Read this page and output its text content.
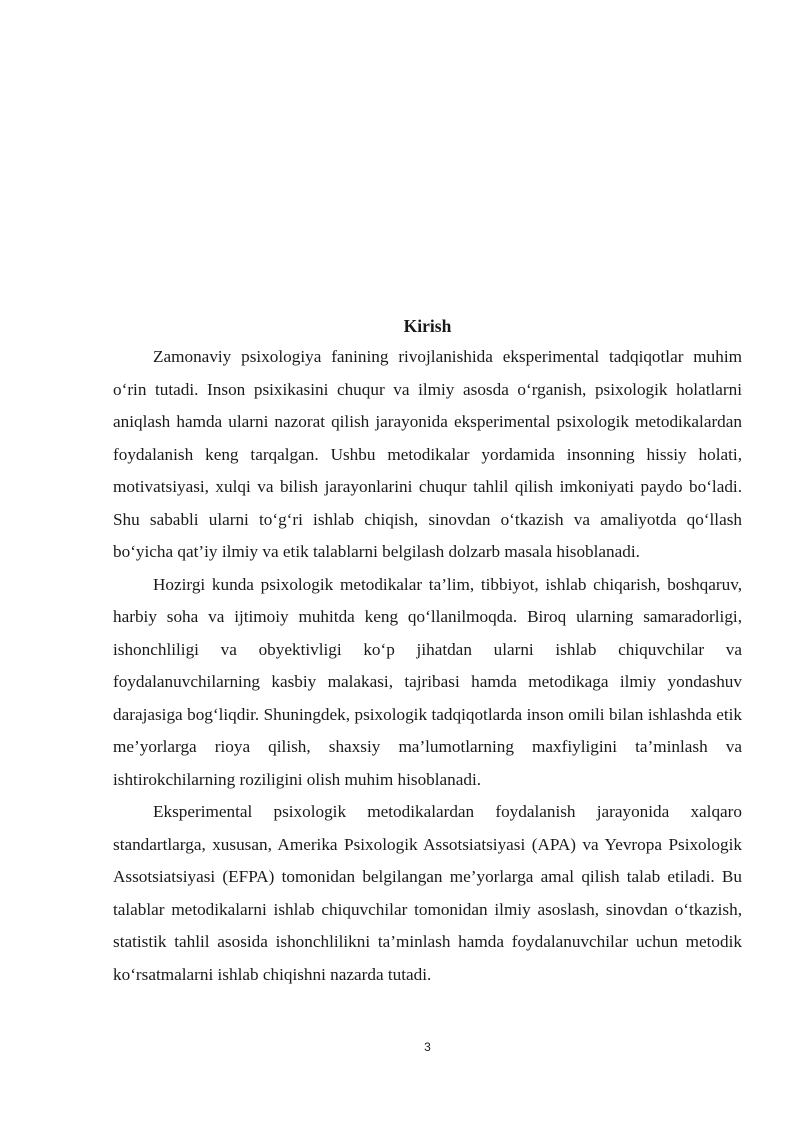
Kirish

Zamonaviy psixologiya fanining rivojlanishida eksperimental tadqiqotlar muhim o‘rin tutadi. Inson psixikasini chuqur va ilmiy asosda o‘rganish, psixologik holatlarni aniqlash hamda ularni nazorat qilish jarayonida eksperimental psixologik metodikalardan foydalanish keng tarqalgan. Ushbu metodikalar yordamida insonning hissiy holati, motivatsiyasi, xulqi va bilish jarayonlarini chuqur tahlil qilish imkoniyati paydo bo‘ladi. Shu sababli ularni to‘g‘ri ishlab chiqish, sinovdan o‘tkazish va amaliyotda qo‘llash bo‘yicha qat’iy ilmiy va etik talablarni belgilash dolzarb masala hisoblanadi.

Hozirgi kunda psixologik metodikalar ta’lim, tibbiyot, ishlab chiqarish, boshqaruv, harbiy soha va ijtimoiy muhitda keng qo‘llanilmoqda. Biroq ularning samaradorligi, ishonchliligi va obyektivligi ko‘p jihatdan ularni ishlab chiquvchilar va foydalanuvchilarning kasbiy malakasi, tajribasi hamda metodikaga ilmiy yondashuv darajasiga bog‘liqdir. Shuningdek, psixologik tadqiqotlarda inson omili bilan ishlashda etik me’yorlarga rioya qilish, shaxsiy ma’lumotlarning maxfiyligini ta’minlash va ishtirokchilarning roziligini olish muhim hisoblanadi.

Eksperimental psixologik metodikalardan foydalanish jarayonida xalqaro standartlarga, xususan, Amerika Psixologik Assotsiatsiyasi (APA) va Yevropa Psixologik Assotsiatsiyasi (EFPA) tomonidan belgilangan me’yorlarga amal qilish talab etiladi. Bu talablar metodikalarni ishlab chiquvchilar tomonidan ilmiy asoslash, sinovdan o‘tkazish, statistik tahlil asosida ishonchlilikni ta’minlash hamda foydalanuvchilar uchun metodik ko‘rsatmalarni ishlab chiqishni nazarda tutadi.

3
